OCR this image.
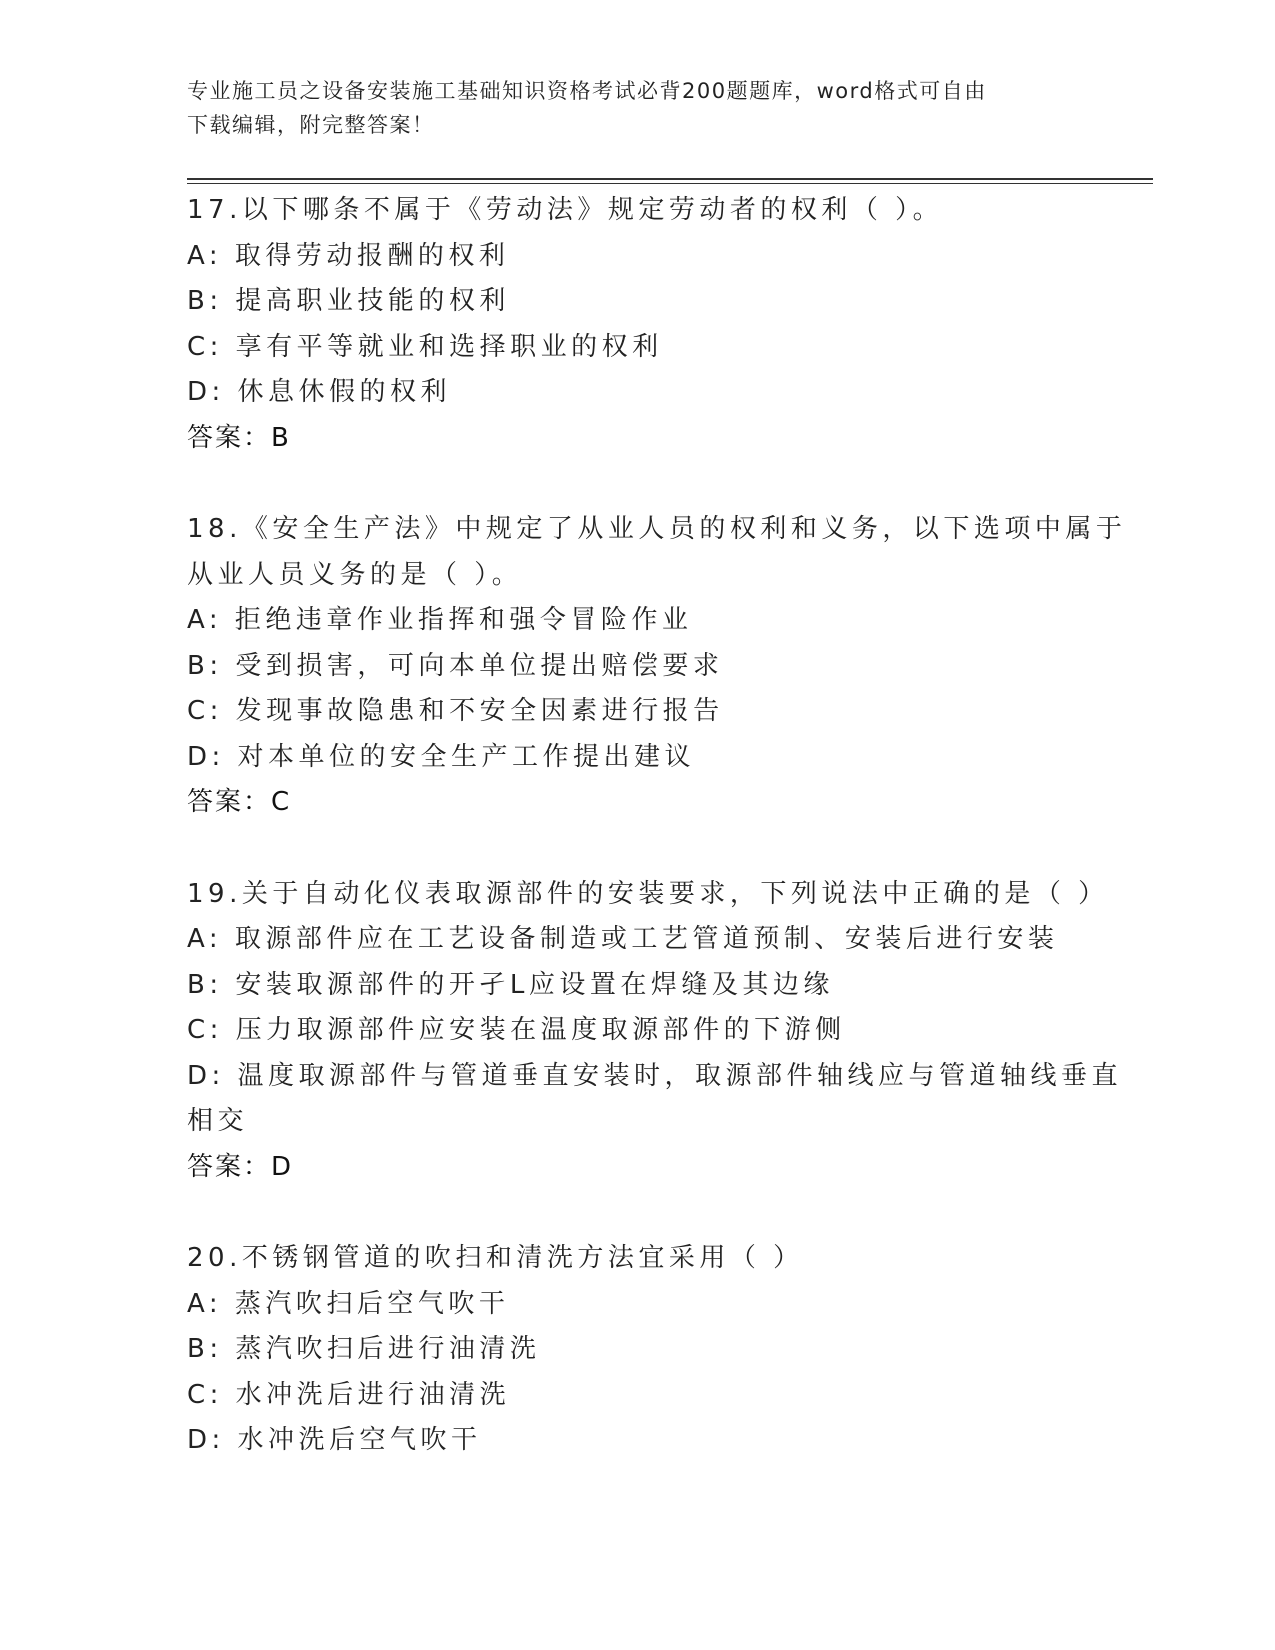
专业施工员之设备安装施工基础知识资格考试必背200题题库，word格式可自由
下载编辑，附完整答案！
17.以下哪条不属于《劳动法》规定劳动者的权利（ ）。
A: 取得劳动报酬的权利
B: 提高职业技能的权利
C: 享有平等就业和选择职业的权利
D: 休息休假的权利
答案：B
18.《安全生产法》中规定了从业人员的权利和义务，以下选项中属于
从业人员义务的是（ ）。
A: 拒绝违章作业指挥和强令冒险作业
B: 受到损害，可向本单位提出赔偿要求
C: 发现事故隐患和不安全因素进行报告
D: 对本单位的安全生产工作提出建议
答案：C
19.关于自动化仪表取源部件的安装要求，下列说法中正确的是（ ）
A: 取源部件应在工艺设备制造或工艺管道预制、安装后进行安装
B: 安装取源部件的开孑L应设置在焊缝及其边缘
C: 压力取源部件应安装在温度取源部件的下游侧
D: 温度取源部件与管道垂直安装时，取源部件轴线应与管道轴线垂直
相交
答案：D
20.不锈钢管道的吹扫和清洗方法宜采用（ ）
A: 蒸汽吹扫后空气吹干
B: 蒸汽吹扫后进行油清洗
C: 水冲洗后进行油清洗
D: 水冲洗后空气吹干
